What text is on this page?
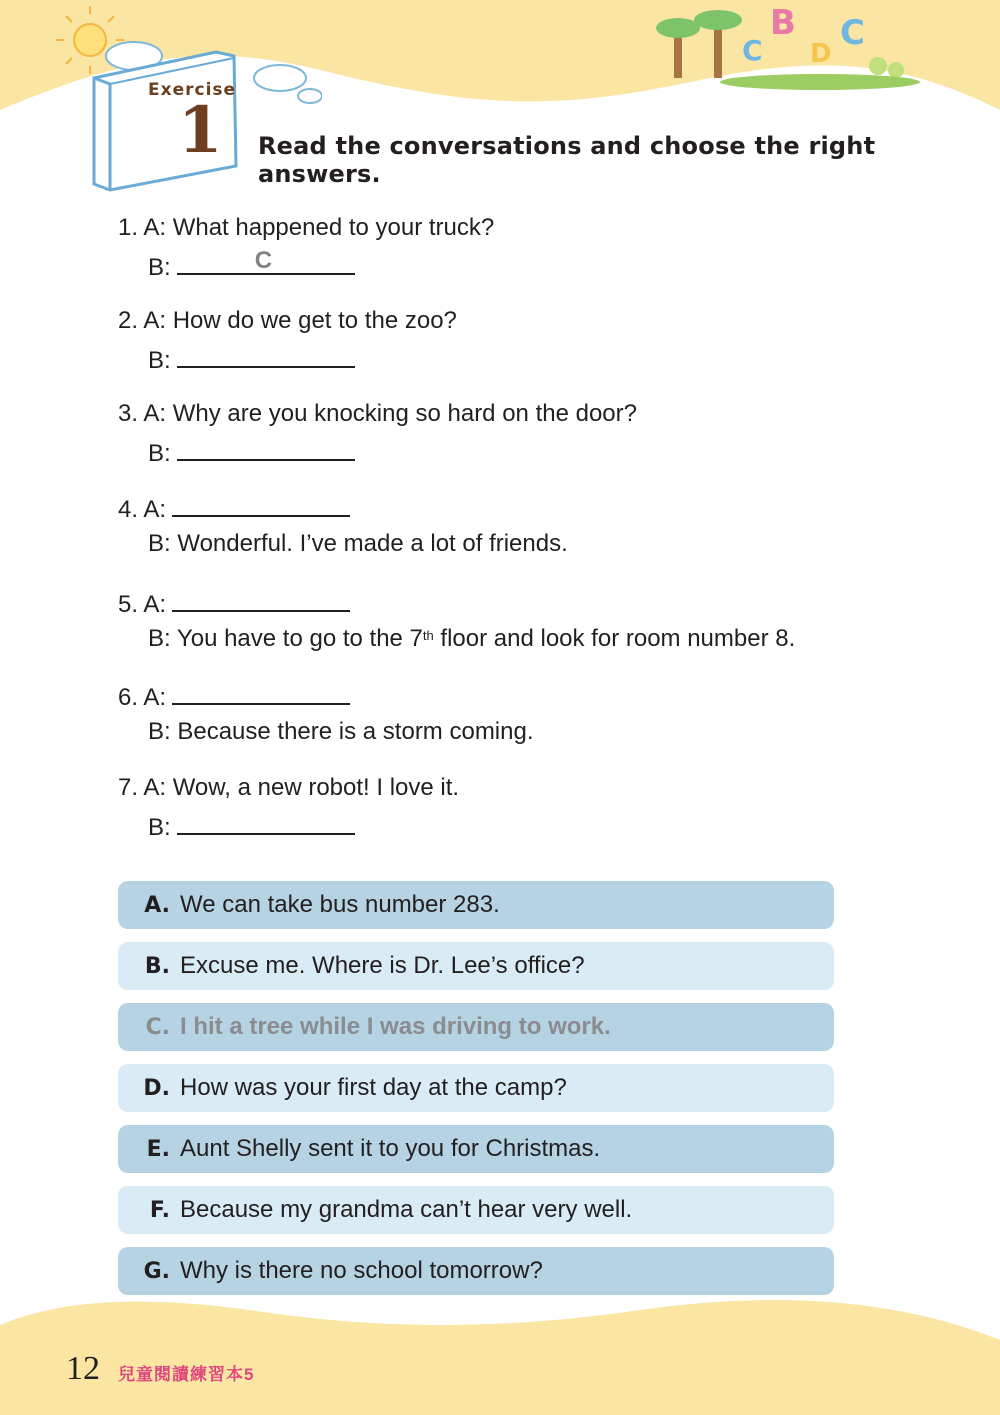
C
B
D
C
Exercise
1 Read the conversations and choose the right answers.
1. A: What happened to your truck?
B:	C
2. A: How do we get to the zoo?
B:
3. A: Why are you knocking so hard on the door?
B:
4. A:
B: Wonderful. I’ve made a lot of friends.
5. A:
B: You have to go to the 7th floor and look for room number 8.
6. A:
B: Because there is a storm coming.
7. A: Wow, a new robot! I love it.
B:
A. We can take bus number 283.
B. Excuse me. Where is Dr. Lee’s office?
C. I hit a tree while I was driving to work.
D. How was your first day at the camp?
E. Aunt Shelly sent it to you for Christmas.
F. Because my grandma can’t hear very well.
G. Why is there no school tomorrow?
12 兒童閱讀練習本5
